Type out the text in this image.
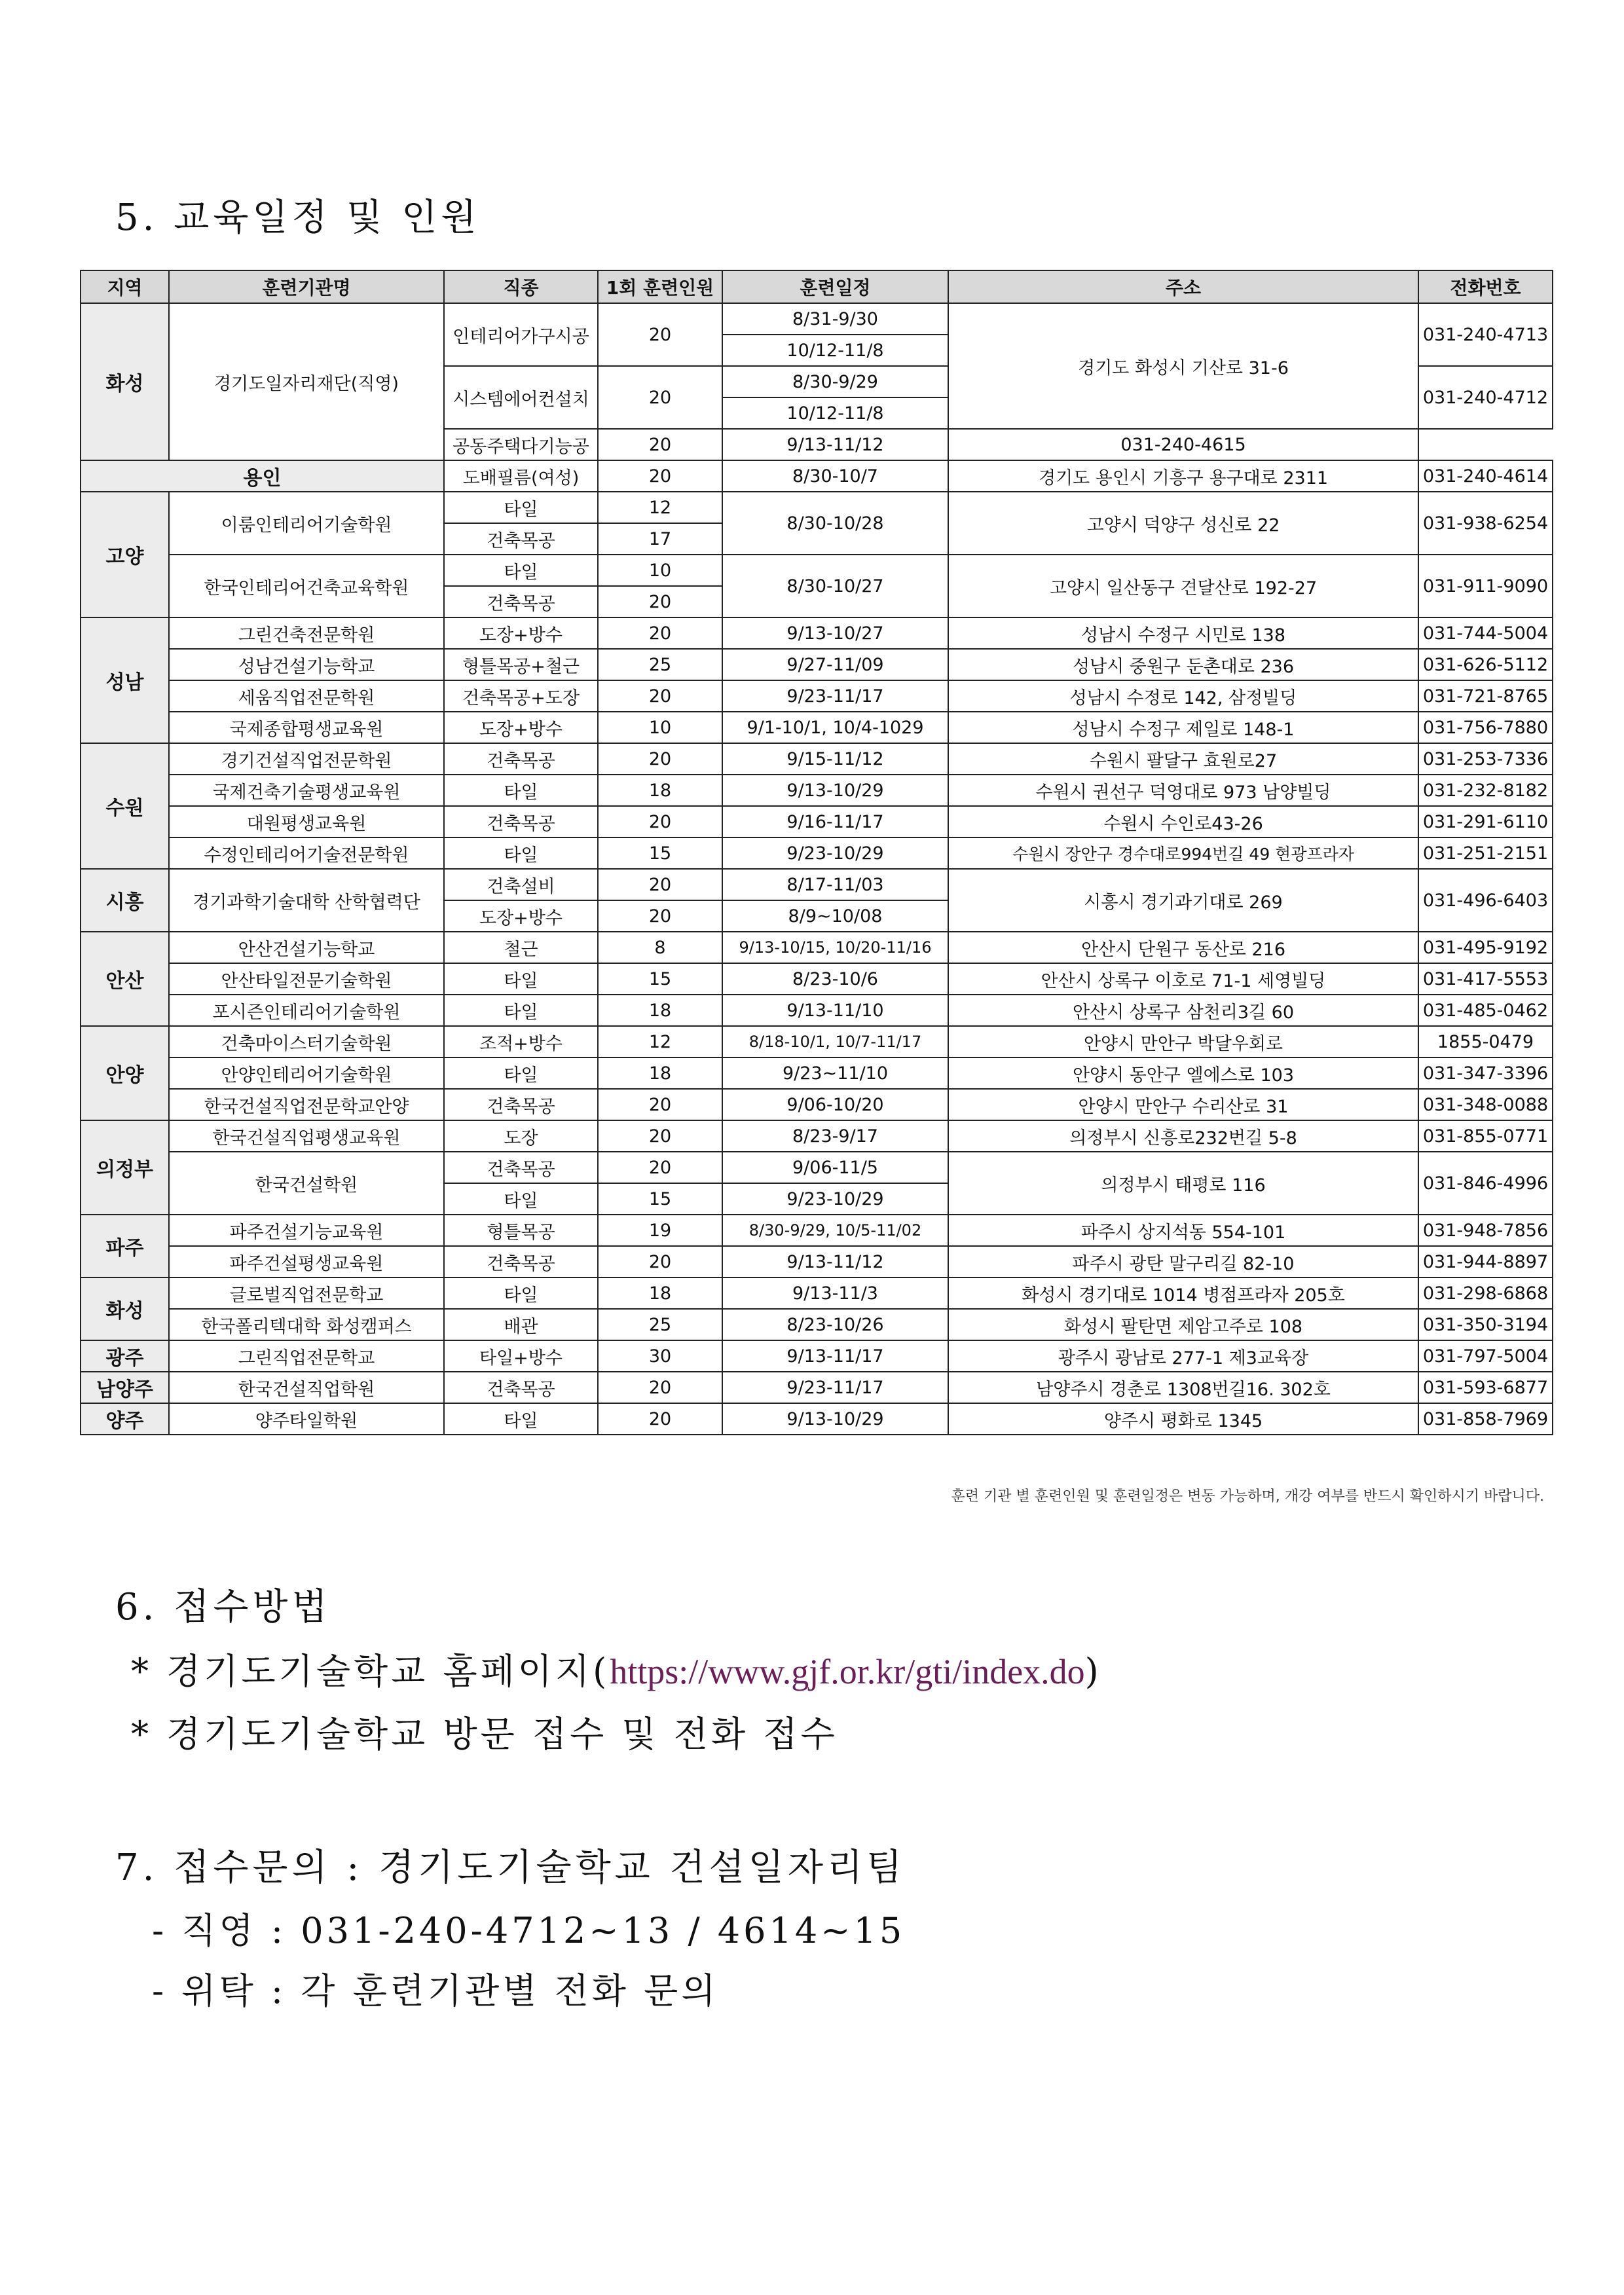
5. 교육일정 및 인원
지역	훈련기관명	직종	1회 훈련인원	훈련일정	주소	전화번호
화성	경기도일자리재단(직영)	인테리어가구시공	20	8/31-9/30	경기도 화성시 기산로 31-6	031-240-4713
				10/12-11/8		
		시스템에어컨설치	20	8/30-9/29		031-240-4712
				10/12-11/8		
		공동주택다기능공	20	9/13-11/12	031-240-4615	
용인		도배필름(여성)	20	8/30-10/7	경기도 용인시 기흥구 용구대로 2311	031-240-4614
고양	이룸인테리어기술학원	타일	12	8/30-10/28	고양시 덕양구 성신로 22	031-938-6254
		건축목공	17			
	한국인테리어건축교육학원	타일	10	8/30-10/27	고양시 일산동구 견달산로 192-27	031-911-9090
		건축목공	20			
성남	그린건축전문학원	도장+방수	20	9/13-10/27	성남시 수정구 시민로 138	031-744-5004
	성남건설기능학교	형틀목공+철근	25	9/27-11/09	성남시 중원구 둔촌대로 236	031-626-5112
	세움직업전문학원	건축목공+도장	20	9/23-11/17	성남시 수정로 142, 삼정빌딩	031-721-8765
	국제종합평생교육원	도장+방수	10	9/1-10/1, 10/4-1029	성남시 수정구 제일로 148-1	031-756-7880
수원	경기건설직업전문학원	건축목공	20	9/15-11/12	수원시 팔달구 효원로27	031-253-7336
	국제건축기술평생교육원	타일	18	9/13-10/29	수원시 권선구 덕영대로 973 남양빌딩	031-232-8182
	대원평생교육원	건축목공	20	9/16-11/17	수원시 수인로43-26	031-291-6110
	수정인테리어기술전문학원	타일	15	9/23-10/29	수원시 장안구 경수대로994번길 49 현광프라자	031-251-2151
시흥	경기과학기술대학 산학협력단	건축설비	20	8/17-11/03	시흥시 경기과기대로 269	031-496-6403
		도장+방수	20	8/9~10/08		
안산	안산건설기능학교	철근	8	9/13-10/15, 10/20-11/16	안산시 단원구 동산로 216	031-495-9192
	안산타일전문기술학원	타일	15	8/23-10/6	안산시 상록구 이호로 71-1 세영빌딩	031-417-5553
	포시즌인테리어기술학원	타일	18	9/13-11/10	안산시 상록구 삼천리3길 60	031-485-0462
안양	건축마이스터기술학원	조적+방수	12	8/18-10/1, 10/7-11/17	안양시 만안구 박달우회로	1855-0479
	안양인테리어기술학원	타일	18	9/23~11/10	안양시 동안구 엘에스로 103	031-347-3396
	한국건설직업전문학교안양	건축목공	20	9/06-10/20	안양시 만안구 수리산로 31	031-348-0088
의정부	한국건설직업평생교육원	도장	20	8/23-9/17	의정부시 신흥로232번길 5-8	031-855-0771
	한국건설학원	건축목공	20	9/06-11/5	의정부시 태평로 116	031-846-4996
		타일	15	9/23-10/29		
파주	파주건설기능교육원	형틀목공	19	8/30-9/29, 10/5-11/02	파주시 상지석동 554-101	031-948-7856
	파주건설평생교육원	건축목공	20	9/13-11/12	파주시 광탄 말구리길 82-10	031-944-8897
화성	글로벌직업전문학교	타일	18	9/13-11/3	화성시 경기대로 1014 병점프라자 205호	031-298-6868
	한국폴리텍대학 화성캠퍼스	배관	25	8/23-10/26	화성시 팔탄면 제암고주로 108	031-350-3194
광주	그린직업전문학교	타일+방수	30	9/13-11/17	광주시 광남로 277-1 제3교육장	031-797-5004
남양주	한국건설직업학원	건축목공	20	9/23-11/17	남양주시 경춘로 1308번길16. 302호	031-593-6877
양주	양주타일학원	타일	20	9/13-10/29	양주시 평화로 1345	031-858-7969
훈련 기관 별 훈련인원 및 훈련일정은 변동 가능하며, 개강 여부를 반드시 확인하시기 바랍니다.
6. 접수방법
* 경기도기술학교 홈페이지(https://www.gjf.or.kr/gti/index.do)
* 경기도기술학교 방문 접수 및 전화 접수
7. 접수문의 : 경기도기술학교 건설일자리팀
- 직영 : 031-240-4712~13 / 4614~15
- 위탁 : 각 훈련기관별 전화 문의
